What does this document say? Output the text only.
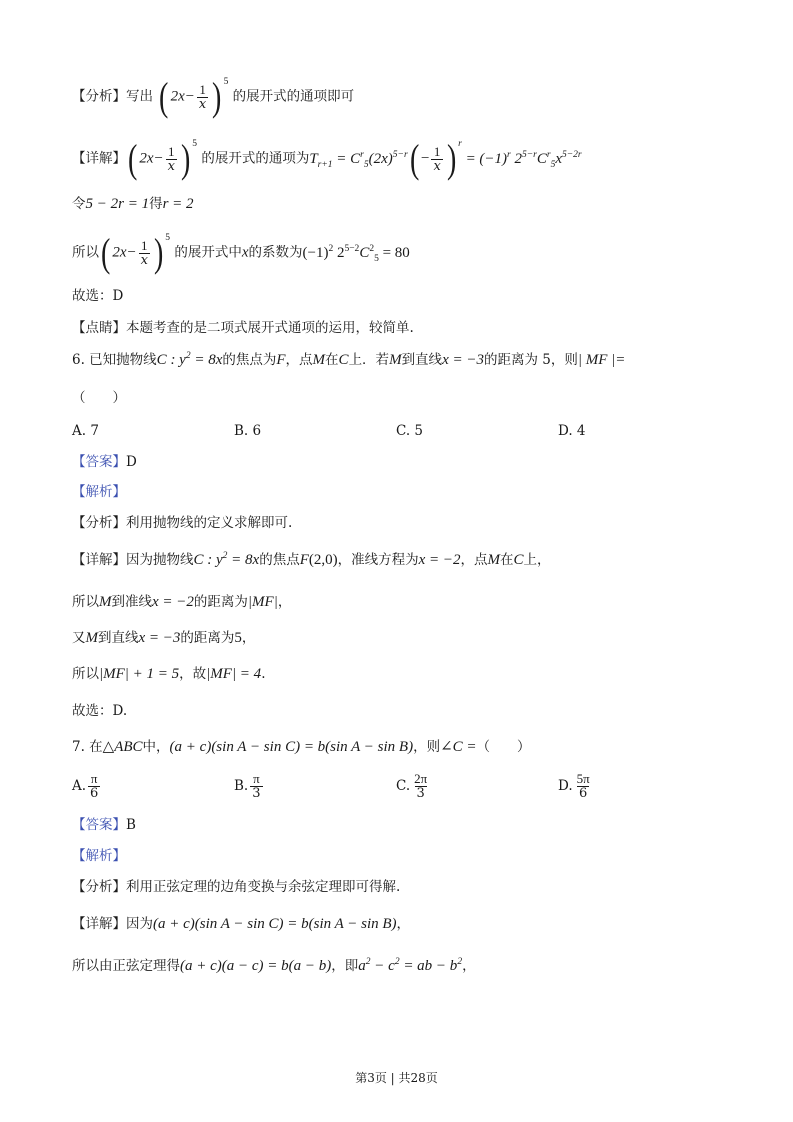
【分析】写出 ( $2x- \frac{1}{x}$ ) $^5$ 的展开式的通项即可
【详解】( $2x- \frac{1}{x}$ ) $^5$ 的展开式的通项为$T_{r+1} = C^r_5(2x)^{5-r}( - \frac{1}{x}$ ) $^r = (-1)^r$ $2^{5-r}C^r_5x^{5-2r}$
令5 − 2r = 1得r = 2
所以( $2x- \frac{1}{x}$ ) $^5$ 的展开式中x的系数为$(-1)^2$ $2^{5-2}C^2_5 = 80$
故选：D
【点睛】本题考查的是二项式展开式通项的运用，较简单.
6. 已知抛物线C : $y^2 = 8x$的焦点为F，点M在C上．若M到直线x = −3的距离为 5，则| MF |=
（　　）
A. 7	B. 6	C. 5	D. 4
【答案】D
【解析】
【分析】利用抛物线的定义求解即可.
【详解】因为抛物线C : $y^2 = 8x$的焦点F(2,0)，准线方程为x = −2，点M在C上，
所以M到准线x = −2的距离为|MF|，
又M到直线x = −3的距离为5，
所以|MF| + 1 = 5，故|MF| = 4.
故选：D.
7. 在△ABC中，(a + c)(sin A − sin C) = b(sin A − sin B)，则∠C =（　　）
A. $\frac{\pi}{6}$	B. $\frac{\pi}{3}$	C. $\frac{2\pi}{3}$	D. $\frac{5\pi}{6}$
【答案】B
【解析】
【分析】利用正弦定理的边角变换与余弦定理即可得解.
【详解】因为(a + c)(sin A − sin C) = b(sin A − sin B)，
所以由正弦定理得(a + c)(a − c) = b(a − b)，即$a^2 - c^2$ = ab − $b^2$，
第3页 | 共28页
